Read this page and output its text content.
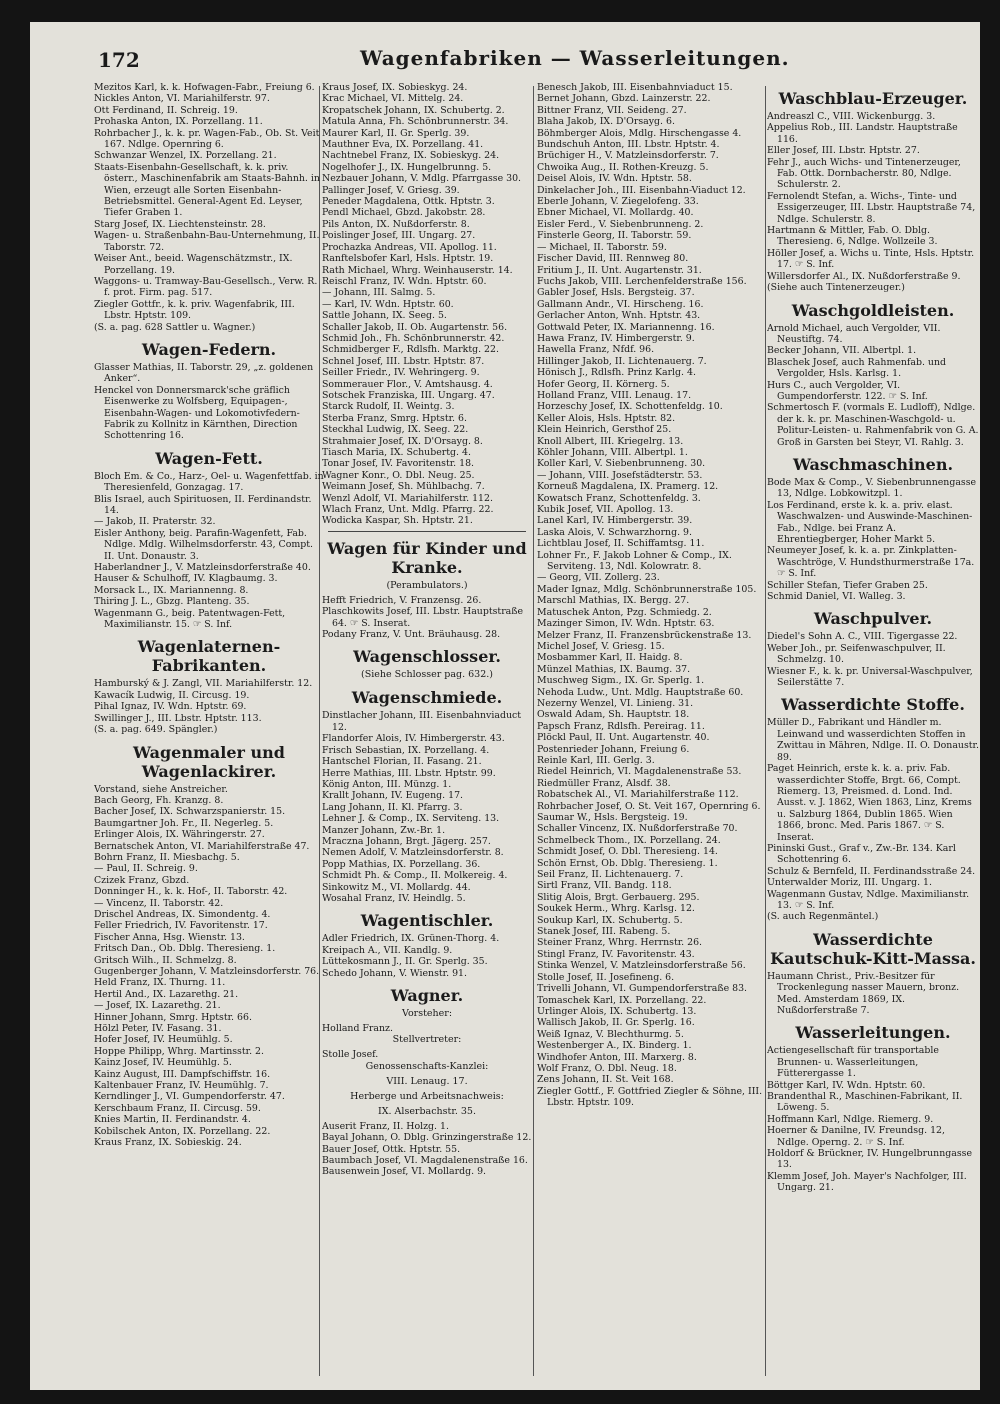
172	Wagenfabriken — Wasserleitungen.

Mezitos Karl, k. k. Hofwagen-Fabr., Freiung 6.

Nickles Anton, VI. Mariahilferstr. 97.

Ott Ferdinand, II. Schreig. 19.

Prohaska Anton, IX. Porzellang. 11.

Rohrbacher J., k. k. pr. Wagen-Fab., Ob. St. Veit 167. Ndlge. Opernring 6.

Schwanzar Wenzel, IX. Porzellang. 21.

Staats-Eisenbahn-Gesellschaft, k. k. priv. österr., Maschinenfabrik am Staats-Bahnh. in Wien, erzeugt alle Sorten Eisenbahn-Betriebsmittel. General-Agent Ed. Leyser, Tiefer Graben 1.

Starg Josef, IX. Liechtensteinstr. 28.

Wagen- u. Straßenbahn-Bau-Unternehmung, II. Taborstr. 72.

Weiser Ant., beeid. Wagenschätzmstr., IX. Porzellang. 19.

Waggons- u. Tramway-Bau-Gesellsch., Verw. R. f. prot. Firm. pag. 517.

Ziegler Gottfr., k. k. priv. Wagenfabrik, III. Lbstr. Hptstr. 109.

(S. a. pag. 628 Sattler u. Wagner.)

Wagen-Federn.

Glasser Mathias, II. Taborstr. 29, „z. goldenen Anker“.

Henckel von Donnersmarck'sche gräflich Eisenwerke zu Wolfsberg, Equipagen-, Eisenbahn-Wagen- und Lokomotivfedern-Fabrik zu Kollnitz in Kärnthen, Direction Schottenring 16.

Wagen-Fett.

Bloch Em. & Co., Harz-, Oel- u. Wagenfettfab. in Theresienfeld, Gonzagag. 17.

Blis Israel, auch Spirituosen, II. Ferdinandstr. 14.

— Jakob, II. Praterstr. 32.

Eisler Anthony, beig. Parafin-Wagenfett, Fab. Ndlge. Mdlg. Wilhelmsdorferstr. 43, Compt. II. Unt. Donaustr. 3.

Haberlandner J., V. Matzleinsdorferstraße 40.

Hauser & Schulhoff, IV. Klagbaumg. 3.

Morsack L., IX. Mariannenng. 8.

Thiring J. L., Gbzg. Planteng. 35.

Wagenmann G., beig. Patentwagen-Fett, Maximilianstr. 15. ☞ S. Inf.

Wagenlaternen-Fabrikanten.

Hamburský & J. Zangl, VII. Mariahilferstr. 12.

Kawacík Ludwig, II. Circusg. 19.

Pihal Ignaz, IV. Wdn. Hptstr. 69.

Swillinger J., III. Lbstr. Hptstr. 113.

(S. a. pag. 649. Spängler.)

Wagenmaler und Wagenlackirer.

Vorstand, siehe Anstreicher.

Bach Georg, Fh. Kranzg. 8.

Bacher Josef, IX. Schwarzspanierstr. 15.

Baumgartner Joh. Fr., II. Negerleg. 5.

Erlinger Alois, IX. Währingerstr. 27.

Bernatschek Anton, VI. Mariahilferstraße 47.

Bohrn Franz, II. Miesbachg. 5.

— Paul, II. Schreig. 9.

Czizek Franz, Gbzd.

Donninger H., k. k. Hof-, II. Taborstr. 42.

— Vincenz, II. Taborstr. 42.

Drischel Andreas, IX. Simondentg. 4.

Feller Friedrich, IV. Favoritenstr. 17.

Fischer Anna, Hsg. Wienstr. 13.

Fritsch Dan., Ob. Dblg. Theresieng. 1.

Gritsch Wilh., II. Schmelzg. 8.

Gugenberger Johann, V. Matzleinsdorferstr. 76.

Held Franz, IX. Thurng. 11.

Hertil And., IX. Lazarethg. 21.

— Josef, IX. Lazarethg. 21.

Hinner Johann, Smrg. Hptstr. 66.

Hölzl Peter, IV. Fasang. 31.

Hofer Josef, IV. Heumühlg. 5.

Hoppe Philipp, Whrg. Martinsstr. 2.

Kainz Josef, IV. Heumühlg. 5.

Kainz August, III. Dampfschiffstr. 16.

Kaltenbauer Franz, IV. Heumühlg. 7.

Kerndlinger J., VI. Gumpendorferstr. 47.

Kerschbaum Franz, II. Circusg. 59.

Knies Martin, II. Ferdinandstr. 4.

Kobilschek Anton, IX. Porzellang. 22.

Kraus Franz, IX. Sobieskig. 24.

Kraus Josef, IX. Sobieskyg. 24.

Krac Michael, VI. Mittelg. 24.

Kropatschek Johann, IX. Schubertg. 2.

Matula Anna, Fh. Schönbrunnerstr. 34.

Maurer Karl, II. Gr. Sperlg. 39.

Mauthner Eva, IX. Porzellang. 41.

Nachtnebel Franz, IX. Sobieskyg. 24.

Nogelhofer J., IX. Hungelbrunng. 5.

Nezbauer Johann, V. Mdlg. Pfarrgasse 30.

Pallinger Josef, V. Griesg. 39.

Peneder Magdalena, Ottk. Hptstr. 3.

Pendl Michael, Gbzd. Jakobstr. 28.

Pils Anton, IX. Nußdorferstr. 8.

Poislinger Josef, III. Ungarg. 27.

Prochazka Andreas, VII. Apollog. 11.

Ranftelsbofer Karl, Hsls. Hptstr. 19.

Rath Michael, Whrg. Weinhauserstr. 14.

Reischl Franz, IV. Wdn. Hptstr. 60.

— Johann, III. Salmg. 5.

— Karl, IV. Wdn. Hptstr. 60.

Sattle Johann, IX. Seeg. 5.

Schaller Jakob, II. Ob. Augartenstr. 56.

Schmid Joh., Fh. Schönbrunnerstr. 42.

Schmidberger F., Rdlsfh. Marktg. 22.

Schnel Josef, III. Lbstr. Hptstr. 87.

Seiller Friedr., IV. Wehringerg. 9.

Sommerauer Flor., V. Amtshausg. 4.

Sotschek Franziska, III. Ungarg. 47.

Starck Rudolf, II. Weintg. 3.

Sterba Franz, Smrg. Hptstr. 6.

Steckhal Ludwig, IX. Seeg. 22.

Strahmaier Josef, IX. D'Orsayg. 8.

Tiasch Maria, IX. Schubertg. 4.

Tonar Josef, IV. Favoritenstr. 18.

Wagner Konr., O. Dbl. Neug. 25.

Weimann Josef, Sh. Mühlbachg. 7.

Wenzl Adolf, VI. Mariahilferstr. 112.

Wlach Franz, Unt. Mdlg. Pfarrg. 22.

Wodicka Kaspar, Sh. Hptstr. 21.

Wagen für Kinder und Kranke.
(Perambulators.)

Hefft Friedrich, V. Franzensg. 26.

Plaschkowits Josef, III. Lbstr. Hauptstraße 64. ☞ S. Inserat.

Podany Franz, V. Unt. Bräuhausg. 28.

Wagenschlosser.
(Siehe Schlosser pag. 632.)
Wagenschmiede.

Dinstlacher Johann, III. Eisenbahnviaduct 12.

Flandorfer Alois, IV. Himbergerstr. 43.

Frisch Sebastian, IX. Porzellang. 4.

Hantschel Florian, II. Fasang. 21.

Herre Mathias, III. Lbstr. Hptstr. 99.

König Anton, III. Münzg. 1.

Krallt Johann, IV. Eugeng. 17.

Lang Johann, II. Kl. Pfarrg. 3.

Lehner J. & Comp., IX. Serviteng. 13.

Manzer Johann, Zw.-Br. 1.

Mraczna Johann, Brgt. Jägerg. 257.

Nemen Adolf, V. Matzleinsdorferstr. 8.

Popp Mathias, IX. Porzellang. 36.

Schmidt Ph. & Comp., II. Molkereig. 4.

Sinkowitz M., VI. Mollardg. 44.

Wosahal Franz, IV. Heindlg. 5.

Wagentischler.

Adler Friedrich, IX. Grünen-Thorg. 4.

Kreipach A., VII. Kandlg. 9.

Lüttekosmann J., II. Gr. Sperlg. 35.

Schedo Johann, V. Wienstr. 91.

Wagner.
Vorsteher:

Holland Franz.

Stellvertreter:

Stolle Josef.

Genossenschafts-Kanzlei:
VIII. Lenaug. 17.
Herberge und Arbeitsnachweis:
IX. Alserbachstr. 35.

Auserit Franz, II. Holzg. 1.

Bayal Johann, O. Dblg. Grinzingerstraße 12.

Bauer Josef, Ottk. Hptstr. 55.

Baumbach Josef, VI. Magdalenenstraße 16.

Bausenwein Josef, VI. Mollardg. 9.

Benesch Jakob, III. Eisenbahnviaduct 15.

Bernet Johann, Gbzd. Lainzerstr. 22.

Bittner Franz, VII. Seideng. 27.

Blaha Jakob, IX. D'Orsayg. 6.

Böhmberger Alois, Mdlg. Hirschengasse 4.

Bundschuh Anton, III. Lbstr. Hptstr. 4.

Brüchiger H., V. Matzleinsdorferstr. 7.

Chwoika Aug., II. Rothen-Kreuzg. 5.

Deisel Alois, IV. Wdn. Hptstr. 58.

Dinkelacher Joh., III. Eisenbahn-Viaduct 12.

Eberle Johann, V. Ziegelofeng. 33.

Ebner Michael, VI. Mollardg. 40.

Eisler Ferd., V. Siebenbrunneng. 2.

Finsterle Georg, II. Taborstr. 59.

— Michael, II. Taborstr. 59.

Fischer David, III. Rennweg 80.

Fritium J., II. Unt. Augartenstr. 31.

Fuchs Jakob, VIII. Lerchenfelderstraße 156.

Gabler Josef, Hsls. Bergsteig. 37.

Gallmann Andr., VI. Hirscheng. 16.

Gerlacher Anton, Wnh. Hptstr. 43.

Gottwald Peter, IX. Mariannenng. 16.

Hawa Franz, IV. Himbergerstr. 9.

Hawella Franz, Nfdf. 96.

Hillinger Jakob, II. Lichtenauerg. 7.

Hönisch J., Rdlsfh. Prinz Karlg. 4.

Hofer Georg, II. Körnerg. 5.

Holland Franz, VIII. Lenaug. 17.

Horzeschy Josef, IX. Schottenfeldg. 10.

Keller Alois, Hsls. Hptstr. 82.

Klein Heinrich, Gersthof 25.

Knoll Albert, III. Kriegelrg. 13.

Köhler Johann, VIII. Albertpl. 1.

Koller Karl, V. Siebenbrunneng. 30.

— Johann, VIII. Josefstädterstr. 53.

Korneuß Magdalena, IX. Pramerg. 12.

Kowatsch Franz, Schottenfeldg. 3.

Kubik Josef, VII. Apollog. 13.

Lanel Karl, IV. Himbergerstr. 39.

Laska Alois, V. Schwarzhorng. 9.

Lichtblau Josef, II. Schiffamtsg. 11.

Lohner Fr., F. Jakob Lohner & Comp., IX. Serviteng. 13, Ndl. Kolowratr. 8.

— Georg, VII. Zollerg. 23.

Mader Ignaz, Mdlg. Schönbrunnerstraße 105.

Marschl Mathias, IX. Bergg. 27.

Matuschek Anton, Pzg. Schmiedg. 2.

Mazinger Simon, IV. Wdn. Hptstr. 63.

Melzer Franz, II. Franzensbrückenstraße 13.

Michel Josef, V. Griesg. 15.

Mosbammer Karl, II. Haidg. 8.

Münzel Mathias, IX. Baumg. 37.

Muschweg Sigm., IX. Gr. Sperlg. 1.

Nehoda Ludw., Unt. Mdlg. Hauptstraße 60.

Nezerny Wenzel, VI. Linieng. 31.

Oswald Adam, Sh. Hauptstr. 18.

Papsch Franz, Rdlsfh. Pereirag. 11.

Plöckl Paul, II. Unt. Augartenstr. 40.

Postenrieder Johann, Freiung 6.

Reinle Karl, III. Gerlg. 3.

Riedel Heinrich, VI. Magdalenenstraße 53.

Riedmüller Franz, Alsdf. 38.

Robatschek Al., VI. Mariahilferstraße 112.

Rohrbacher Josef, O. St. Veit 167, Opernring 6.

Saumar W., Hsls. Bergsteig. 19.

Schaller Vincenz, IX. Nußdorferstraße 70.

Schmelbeck Thom., IX. Porzellang. 24.

Schmidt Josef, O. Dbl. Theresieng. 14.

Schön Ernst, Ob. Dblg. Theresieng. 1.

Seil Franz, II. Lichtenauerg. 7.

Sirtl Franz, VII. Bandg. 118.

Slitig Alois, Brgt. Gerbauerg. 295.

Soukek Herm., Whrg. Karlsg. 12.

Soukup Karl, IX. Schubertg. 5.

Stanek Josef, III. Rabeng. 5.

Steiner Franz, Whrg. Herrnstr. 26.

Stingl Franz, IV. Favoritenstr. 43.

Stinka Wenzel, V. Matzleinsdorferstraße 56.

Stolle Josef, II. Josefineng. 6.

Trivelli Johann, VI. Gumpendorferstraße 83.

Tomaschek Karl, IX. Porzellang. 22.

Urlinger Alois, IX. Schubertg. 13.

Wallisch Jakob, II. Gr. Sperlg. 16.

Weiß Ignaz, V. Blechthurmg. 5.

Westenberger A., IX. Binderg. 1.

Windhofer Anton, III. Marxerg. 8.

Wolf Franz, O. Dbl. Neug. 18.

Zens Johann, II. St. Veit 168.

Ziegler Gottf., F. Gottfried Ziegler & Söhne, III. Lbstr. Hptstr. 109.

Waschblau-Erzeuger.

Andreaszl C., VIII. Wickenburgg. 3.

Appelius Rob., III. Landstr. Hauptstraße 116.

Eller Josef, III. Lbstr. Hptstr. 27.

Fehr J., auch Wichs- und Tintenerzeuger, Fab. Ottk. Dornbacherstr. 80, Ndlge. Schulerstr. 2.

Fernolendt Stefan, a. Wichs-, Tinte- und Essigerzeuger, III. Lbstr. Hauptstraße 74, Ndlge. Schulerstr. 8.

Hartmann & Mittler, Fab. O. Dblg. Theresieng. 6, Ndlge. Wollzeile 3.

Höller Josef, a. Wichs u. Tinte, Hsls. Hptstr. 17. ☞ S. Inf.

Willersdorfer Al., IX. Nußdorferstraße 9.

(Siehe auch Tintenerzeuger.)

Waschgoldleisten.

Arnold Michael, auch Vergolder, VII. Neustiftg. 74.

Becker Johann, VII. Albertpl. 1.

Blaschek Josef, auch Rahmenfab. und Vergolder, Hsls. Karlsg. 1.

Hurs C., auch Vergolder, VI. Gumpendorferstr. 122. ☞ S. Inf.

Schmertosch F. (vormals E. Ludloff), Ndlge. der k. k. pr. Maschinen-Waschgold- u. Politur-Leisten- u. Rahmenfabrik von G. A. Groß in Garsten bei Steyr, VI. Rahlg. 3.

Waschmaschinen.

Bode Max & Comp., V. Siebenbrunnengasse 13, Ndlge. Lobkowitzpl. 1.

Los Ferdinand, erste k. k. a. priv. elast. Waschwalzen- und Auswinde-Maschinen-Fab., Ndlge. bei Franz A. Ehrentiegberger, Hoher Markt 5.

Neumeyer Josef, k. k. a. pr. Zinkplatten-Waschtröge, V. Hundsthurmerstraße 17a. ☞ S. Inf.

Schiller Stefan, Tiefer Graben 25.

Schmid Daniel, VI. Walleg. 3.

Waschpulver.

Diedel's Sohn A. C., VIII. Tigergasse 22.

Weber Joh., pr. Seifenwaschpulver, II. Schmelzg. 10.

Wiesner F., k. k. pr. Universal-Waschpulver, Seilerstätte 7.

Wasserdichte Stoffe.

Müller D., Fabrikant und Händler m. Leinwand und wasserdichten Stoffen in Zwittau in Mähren, Ndlge. II. O. Donaustr. 89.

Paget Heinrich, erste k. k. a. priv. Fab. wasserdichter Stoffe, Brgt. 66, Compt. Riemerg. 13, Preismed. d. Lond. Ind. Ausst. v. J. 1862, Wien 1863, Linz, Krems u. Salzburg 1864, Dublin 1865. Wien 1866, bronc. Med. Paris 1867. ☞ S. Inserat.

Pininski Gust., Graf v., Zw.-Br. 134. Karl Schottenring 6.

Schulz & Bernfeld, II. Ferdinandsstraße 24.

Unterwalder Moriz, III. Ungarg. 1.

Wagenmann Gustav, Ndlge. Maximilianstr. 13. ☞ S. Inf.

(S. auch Regenmäntel.)

Wasserdichte Kautschuk-Kitt-Massa.

Haumann Christ., Priv.-Besitzer für Trockenlegung nasser Mauern, bronz. Med. Amsterdam 1869, IX. Nußdorferstraße 7.

Wasserleitungen.

Actiengesellschaft für transportable Brunnen- u. Wasserleitungen, Fütterergasse 1.

Böttger Karl, IV. Wdn. Hptstr. 60.

Brandenthal R., Maschinen-Fabrikant, II. Löweng. 5.

Hoffmann Karl, Ndlge. Riemerg. 9.

Hoerner & Danilne, IV. Freundsg. 12, Ndlge. Operng. 2. ☞ S. Inf.

Holdorf & Brückner, IV. Hungelbrunngasse 13.

Klemm Josef, Joh. Mayer's Nachfolger, III. Ungarg. 21.
